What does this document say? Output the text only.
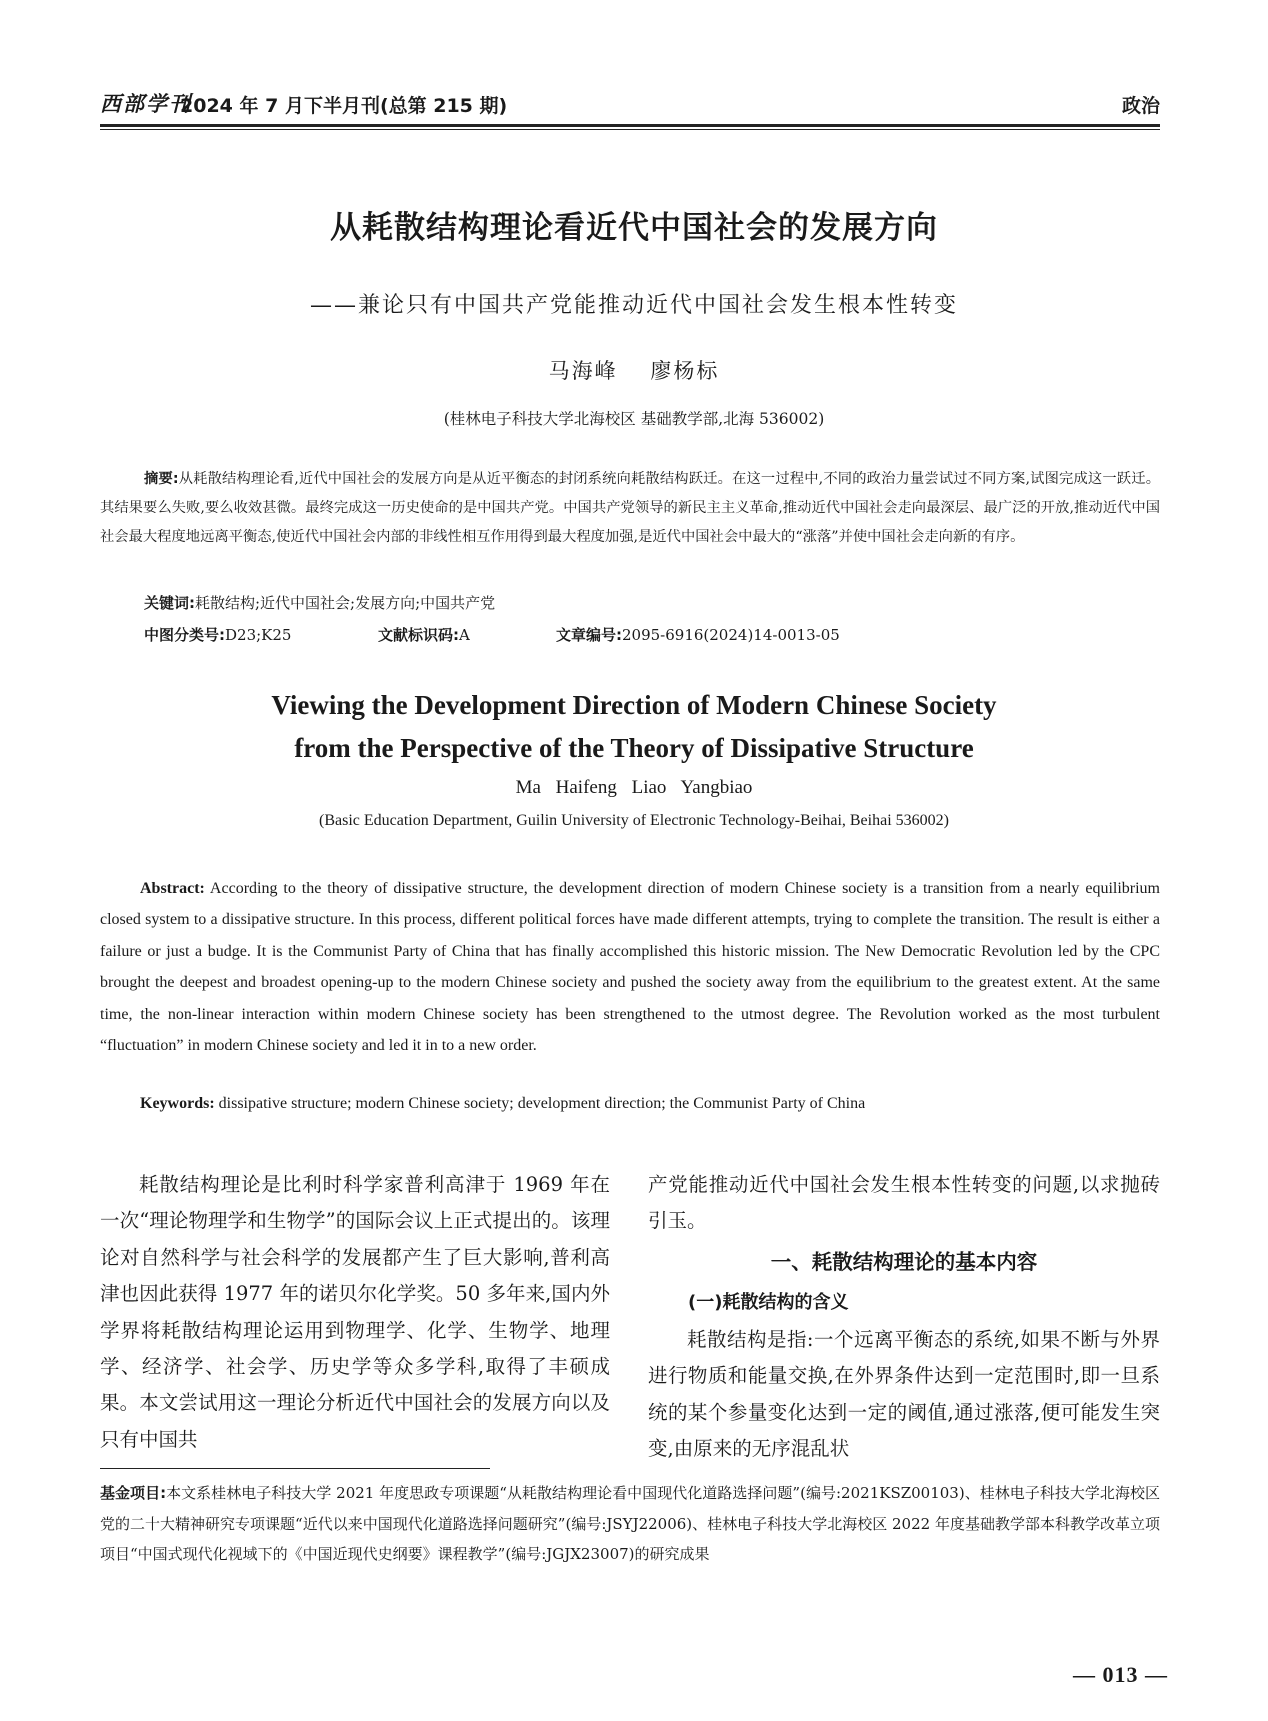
西部学刊
2024 年 7 月下半月刊(总第 215 期)	政治
从耗散结构理论看近代中国社会的发展方向
——兼论只有中国共产党能推动近代中国社会发生根本性转变
马海峰 廖杨标
(桂林电子科技大学北海校区 基础教学部,北海 536002)
摘要:从耗散结构理论看,近代中国社会的发展方向是从近平衡态的封闭系统向耗散结构跃迁。在这一过程中,不同的政治力量尝试过不同方案,试图完成这一跃迁。其结果要么失败,要么收效甚微。最终完成这一历史使命的是中国共产党。中国共产党领导的新民主主义革命,推动近代中国社会走向最深层、最广泛的开放,推动近代中国社会最大程度地远离平衡态,使近代中国社会内部的非线性相互作用得到最大程度加强,是近代中国社会中最大的“涨落”并使中国社会走向新的有序。
关键词:耗散结构;近代中国社会;发展方向;中国共产党
中图分类号:D23;K25	文献标识码:A	文章编号:2095-6916(2024)14-0013-05
Viewing the Development Direction of Modern Chinese Society
from the Perspective of the Theory of Dissipative Structure
Ma Haifeng Liao Yangbiao
(Basic Education Department, Guilin University of Electronic Technology-Beihai, Beihai 536002)
Abstract: According to the theory of dissipative structure, the development direction of modern Chinese society is a transition from a nearly equilibrium closed system to a dissipative structure. In this process, different political forces have made different attempts, trying to complete the transition. The result is either a failure or just a budge. It is the Communist Party of China that has finally accomplished this historic mission. The New Democratic Revolution led by the CPC brought the deepest and broadest opening-up to the modern Chinese society and pushed the society away from the equilibrium to the greatest extent. At the same time, the non-linear interaction within modern Chinese society has been strengthened to the utmost degree. The Revolution worked as the most turbulent “fluctuation” in modern Chinese society and led it in to a new order.
Keywords: dissipative structure; modern Chinese society; development direction; the Communist Party of China
耗散结构理论是比利时科学家普利高津于 1969 年在一次“理论物理学和生物学”的国际会议上正式提出的。该理论对自然科学与社会科学的发展都产生了巨大影响,普利高津也因此获得 1977 年的诺贝尔化学奖。50 多年来,国内外学界将耗散结构理论运用到物理学、化学、生物学、地理学、经济学、社会学、历史学等众多学科,取得了丰硕成果。本文尝试用这一理论分析近代中国社会的发展方向以及只有中国共
产党能推动近代中国社会发生根本性转变的问题,以求抛砖引玉。
一、耗散结构理论的基本内容
(一)耗散结构的含义
耗散结构是指:一个远离平衡态的系统,如果不断与外界进行物质和能量交换,在外界条件达到一定范围时,即一旦系统的某个参量变化达到一定的阈值,通过涨落,便可能发生突变,由原来的无序混乱状
基金项目:本文系桂林电子科技大学 2021 年度思政专项课题“从耗散结构理论看中国现代化道路选择问题”(编号:2021KSZ00103)、桂林电子科技大学北海校区党的二十大精神研究专项课题“近代以来中国现代化道路选择问题研究”(编号:JSYJ22006)、桂林电子科技大学北海校区 2022 年度基础教学部本科教学改革立项项目“中国式现代化视域下的《中国近现代史纲要》课程教学”(编号:JGJX23007)的研究成果
— 013 —
